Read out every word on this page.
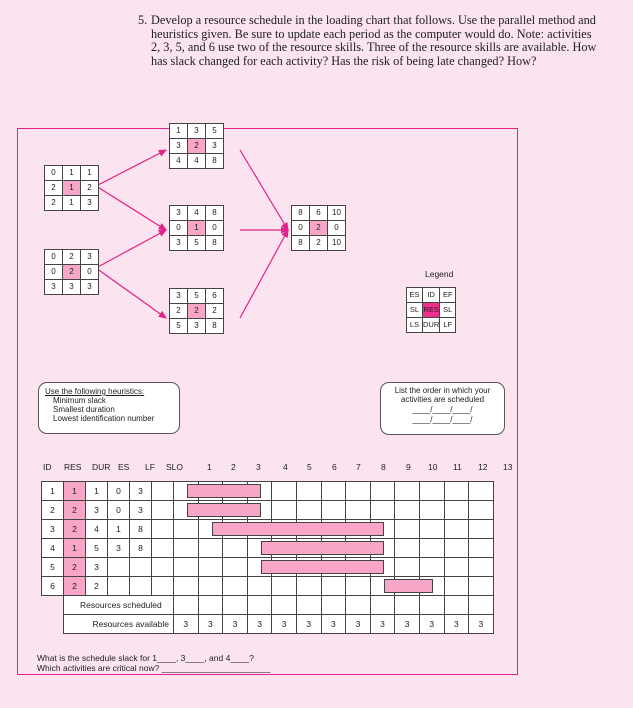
5. Develop a resource schedule in the loading chart that follows. Use the parallel method and heuristics given. Be sure to update each period as the computer would do. Note: activities 2, 3, 5, and 6 use two of the resource skills. Three of the resource skills are available. How has slack changed for each activity? Has the risk of being late changed? How?
0	1	1
2	1	2
2	1	3
1	3	5
3	2	3
4	4	8
3	4	8
0	1	0
3	5	8
0	2	3
0	2	0
3	3	3
3	5	6
2	2	2
5	3	8
8	6	10
0	2	0
8	2	10
Legend
ES	ID	EF
SL	RES	SL
LS	DUR	LF
Use the following heuristics:
Minimum slack
Smallest duration
Lowest identification number
List the order in which your activities are scheduled
____/____/____/
____/____/____/
ID RES DUR ES LF SLO	1 2 3	4 5 6 7 8 9 10 11 12 13
1	1	1	0	3														
2	2	3	0	3														
3	2	4	1	8														
4	1	5	3	8														
5	2	3																
6	2	2																
	Resources scheduled																	
	Resources available					3	3	3	3	3	3	3	3	3	3	3	3	3
What is the schedule slack for 1____, 3____, and 4____?
Which activities are critical now? _______________________
